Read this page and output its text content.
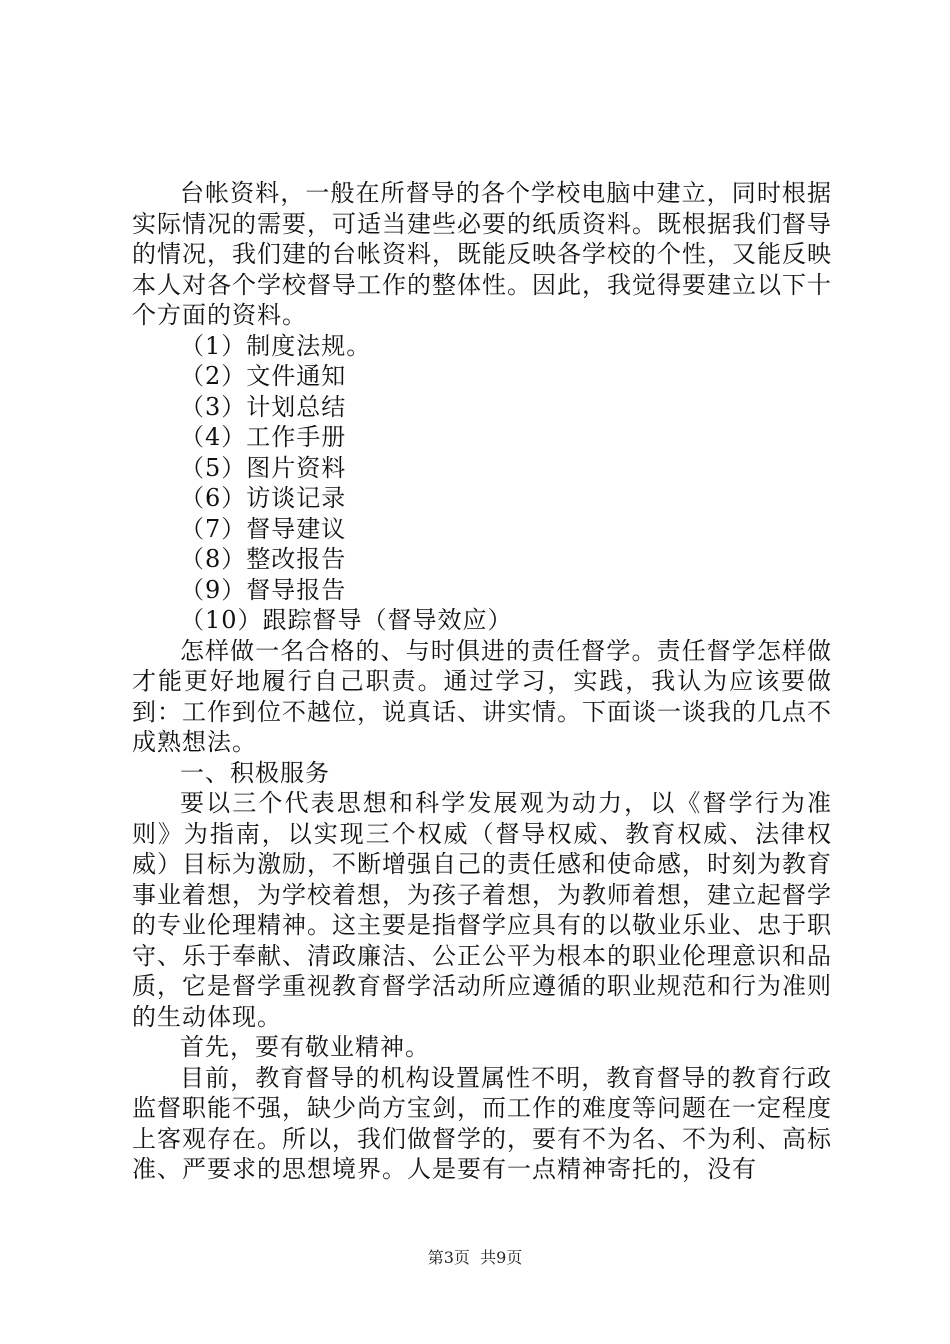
台帐资料，一般在所督导的各个学校电脑中建立，同时根据实际情况的需要，可适当建些必要的纸质资料。既根据我们督导的情况，我们建的台帐资料，既能反映各学校的个性，又能反映本人对各个学校督导工作的整体性。因此，我觉得要建立以下十个方面的资料。

（1）制度法规。

（2）文件通知

（3）计划总结

（4）工作手册

（5）图片资料

（6）访谈记录

（7）督导建议

（8）整改报告

（9）督导报告

（10）跟踪督导（督导效应）

怎样做一名合格的、与时俱进的责任督学。责任督学怎样做才能更好地履行自己职责。通过学习，实践，我认为应该要做到：工作到位不越位，说真话、讲实情。下面谈一谈我的几点不成熟想法。

一、积极服务

要以三个代表思想和科学发展观为动力，以《督学行为准则》为指南，以实现三个权威（督导权威、教育权威、法律权威）目标为激励，不断增强自己的责任感和使命感，时刻为教育事业着想，为学校着想，为孩子着想，为教师着想，建立起督学的专业伦理精神。这主要是指督学应具有的以敬业乐业、忠于职守、乐于奉献、清政廉洁、公正公平为根本的职业伦理意识和品质，它是督学重视教育督学活动所应遵循的职业规范和行为准则的生动体现。

首先，要有敬业精神。

目前，教育督导的机构设置属性不明，教育督导的教育行政监督职能不强，缺少尚方宝剑，而工作的难度等问题在一定程度上客观存在。所以，我们做督学的，要有不为名、不为利、高标准、严要求的思想境界。人是要有一点精神寄托的，没有

第3页  共9页
